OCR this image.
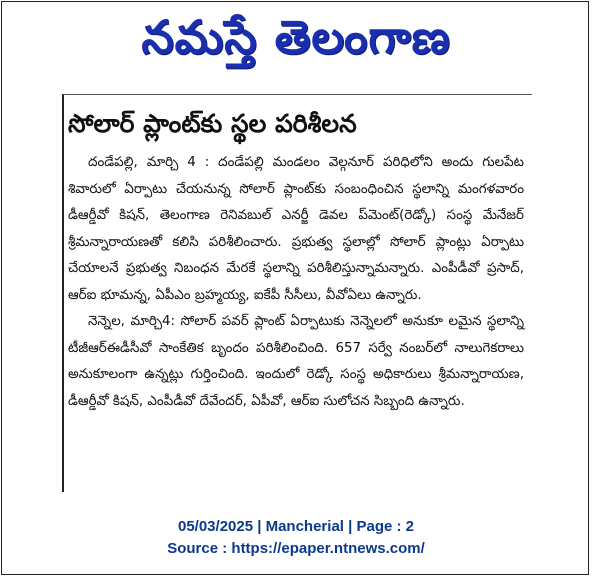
నమస్తే తెలంగాణ
సోలార్ ప్లాంట్‌కు స్థల పరిశీలన

దండేపల్లి, మార్చి 4 : దండేపల్లి మండలం వెల్గనూర్ పరిధిలోని అందు గులపేట శివారులో ఏర్పాటు చేయనున్న సోలార్ ప్లాంట్‌కు సంబంధించిన స్థలాన్ని మంగళవారం డీఆర్డీవో కిషన్, తెలంగాణ రెనివబుల్ ఎనర్జీ డెవల ప్‌మెంట్(రెడ్కో) సంస్థ మేనేజర్ శ్రీమన్నారాయణతో కలిసి పరిశీలించారు. ప్రభుత్వ స్థలాల్లో సోలార్ ప్లాంట్లు ఏర్పాటు చేయాలనే ప్రభుత్వ నిబంధన మేరకే స్థలాన్ని పరిశీలిస్తున్నామన్నారు. ఎంపీడీవో ప్రసాద్, ఆర్ఐ భూమన్న, ఏపీఎం బ్రహ్మయ్య, ఐకేపీ సీసీలు, వీవోఏలు ఉన్నారు.

నెన్నెల, మార్చి4: సోలార్ పవర్ ప్లాంట్ ఏర్పాటుకు నెన్నెలలో అనుకూ లమైన స్థలాన్ని టీజీఆర్ఈడీసీవో సాంకేతిక బృందం పరిశీలించింది. 657 సర్వే నంబర్‌లో నాలుగెకరాలు అనుకూలంగా ఉన్నట్లు గుర్తించింది. ఇందులో రెడ్కో సంస్థ అధికారులు శ్రీమన్నారాయణ, డీఆర్డీవో కిషన్, ఎంపీడీవో దేవేందర్, ఏపీవో, ఆర్ఐ సులోచన సిబ్బంది ఉన్నారు.

05/03/2025 | Mancherial | Page : 2
Source : https://epaper.ntnews.com/
